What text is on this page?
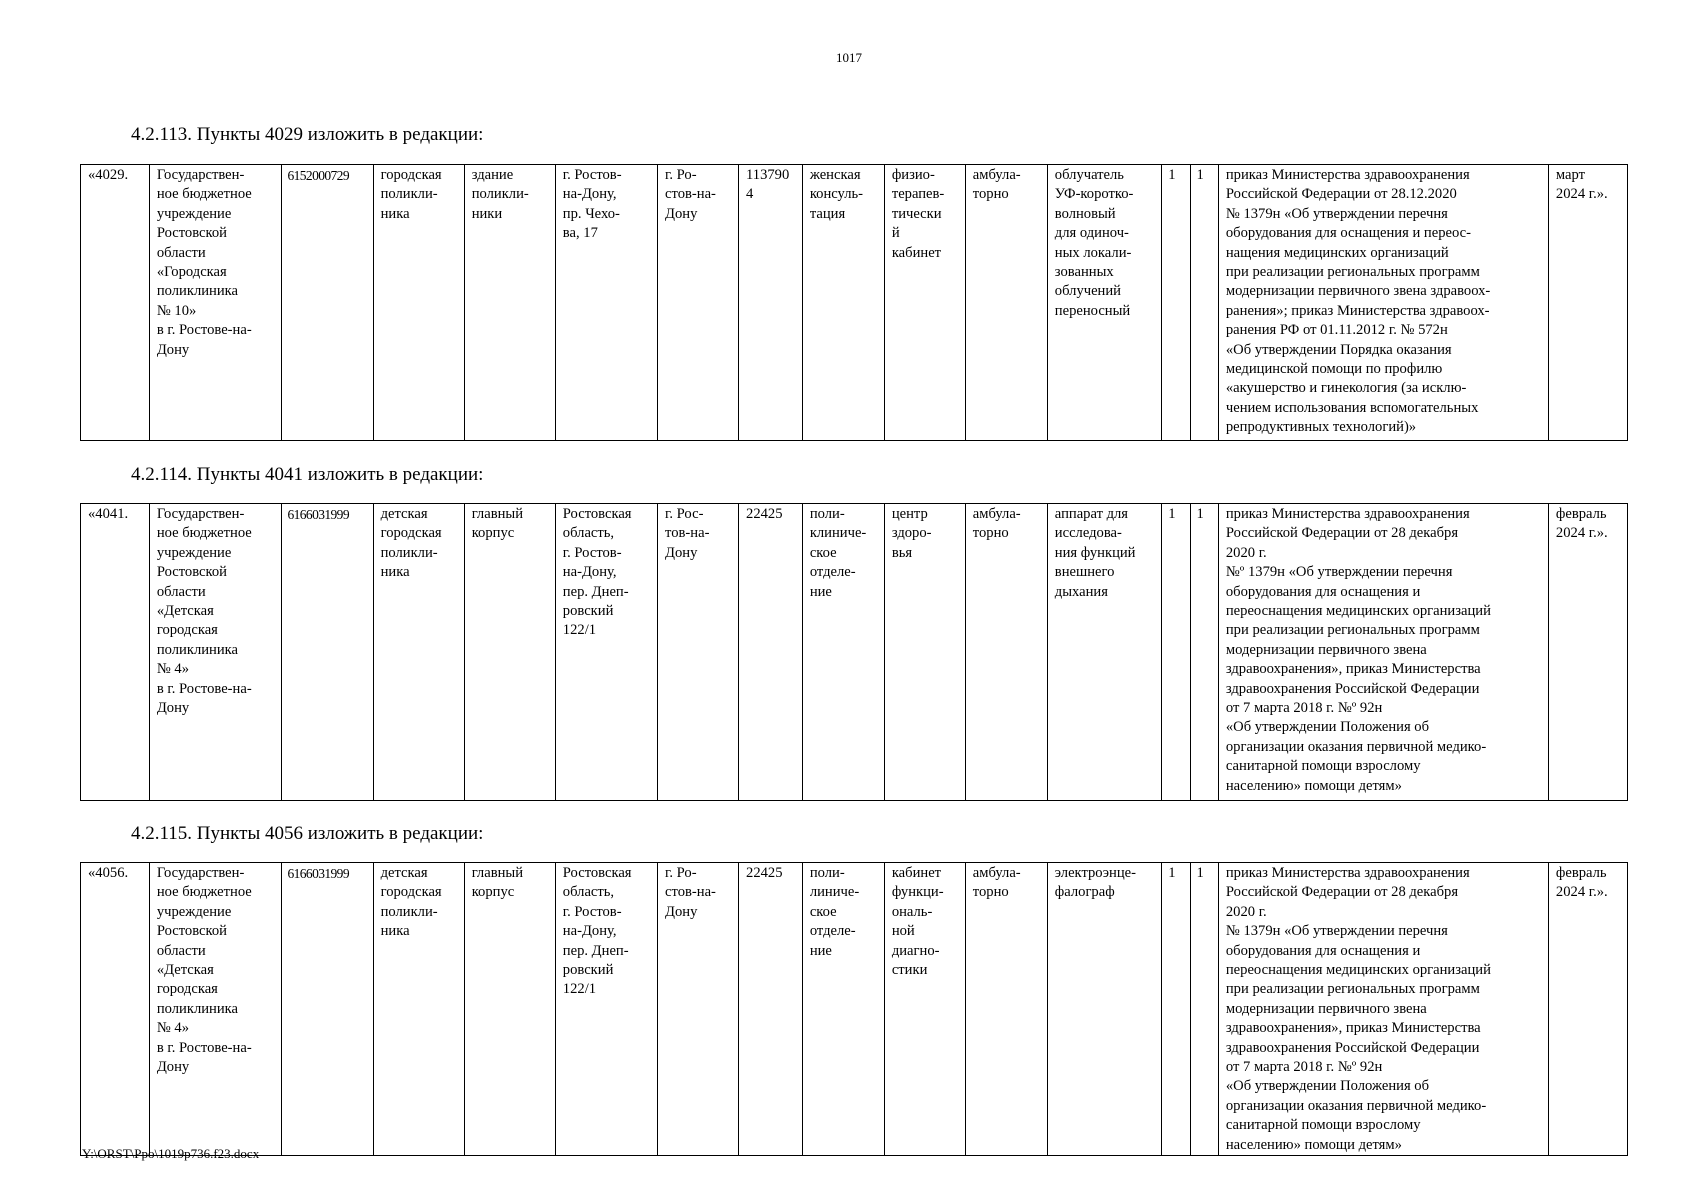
1017
4.2.113. Пункты 4029 изложить в редакции:
«4029.	Государствен-
ное бюджетное
учреждение
Ростовской
области
«Городская
поликлиника
№ 10»
в г. Ростове-на-
Дону	6152000729	городская
поликли-
ника	здание
поликли-
ники	г. Ростов-
на-Дону,
пр. Чехо-
ва, 17	г. Ро-
стов-на-
Дону	113790
4	женская
консуль-
тация	физио-
терапев-
тически
й
кабинет	амбула-
торно	облучатель
УФ-коротко-
волновый
для одиноч-
ных локали-
зованных
облучений
переносный	1	1	приказ Министерства здравоохранения
Российской Федерации от 28.12.2020
№ 1379н «Об утверждении перечня
оборудования для оснащения и переос-
нащения медицинских организаций
при реализации региональных программ
модернизации первичного звена здравоох-
ранения»; приказ Министерства здравоох-
ранения РФ от 01.11.2012 г. № 572н
«Об утверждении Порядка оказания
медицинской помощи по профилю
«акушерство и гинекология (за исклю-
чением использования вспомогательных
репродуктивных технологий)»	март
2024 г.».
4.2.114. Пункты 4041 изложить в редакции:
«4041.	Государствен-
ное бюджетное
учреждение
Ростовской
области
«Детская
городская
поликлиника
№ 4»
в г. Ростове-на-
Дону	6166031999	детская
городская
поликли-
ника	главный
корпус	Ростовская
область,
г. Ростов-
на-Дону,
пер. Днеп-
ровский
122/1	г. Рос-
тов-на-
Дону	22425	поли-
клиниче-
ское
отделе-
ние	центр
здоро-
вья	амбула-
торно	аппарат для
исследова-
ния функций
внешнего
дыхания	1	1	приказ Министерства здравоохранения
Российской Федерации от 28 декабря
2020 г.
№º 1379н «Об утверждении перечня
оборудования для оснащения и
переоснащения медицинских организаций
при реализации региональных программ
модернизации первичного звена
здравоохранения», приказ Министерства
здравоохранения Российской Федерации
от 7 марта 2018 г. №º 92н
«Об утверждении Положения об
организации оказания первичной медико-
санитарной помощи взрослому
населению» помощи детям»	февраль
2024 г.».
4.2.115. Пункты 4056 изложить в редакции:
«4056.	Государствен-
ное бюджетное
учреждение
Ростовской
области
«Детская
городская
поликлиника
№ 4»
в г. Ростове-на-
Дону	6166031999	детская
городская
поликли-
ника	главный
корпус	Ростовская
область,
г. Ростов-
на-Дону,
пер. Днеп-
ровский
122/1	г. Ро-
стов-на-
Дону	22425	поли-
линиче-
ское
отделе-
ние	кабинет
функци-
ональ-
ной
диагно-
стики	амбула-
торно	электроэнце-
фалограф	1	1	приказ Министерства здравоохранения
Российской Федерации от 28 декабря
2020 г.
№ 1379н «Об утверждении перечня
оборудования для оснащения и
переоснащения медицинских организаций
при реализации региональных программ
модернизации первичного звена
здравоохранения», приказ Министерства
здравоохранения Российской Федерации
от 7 марта 2018 г. №º 92н
«Об утверждении Положения об
организации оказания первичной медико-
санитарной помощи взрослому
населению» помощи детям»	февраль
2024 г.».
Y:\ORST\Ppo\1019p736.f23.docx
